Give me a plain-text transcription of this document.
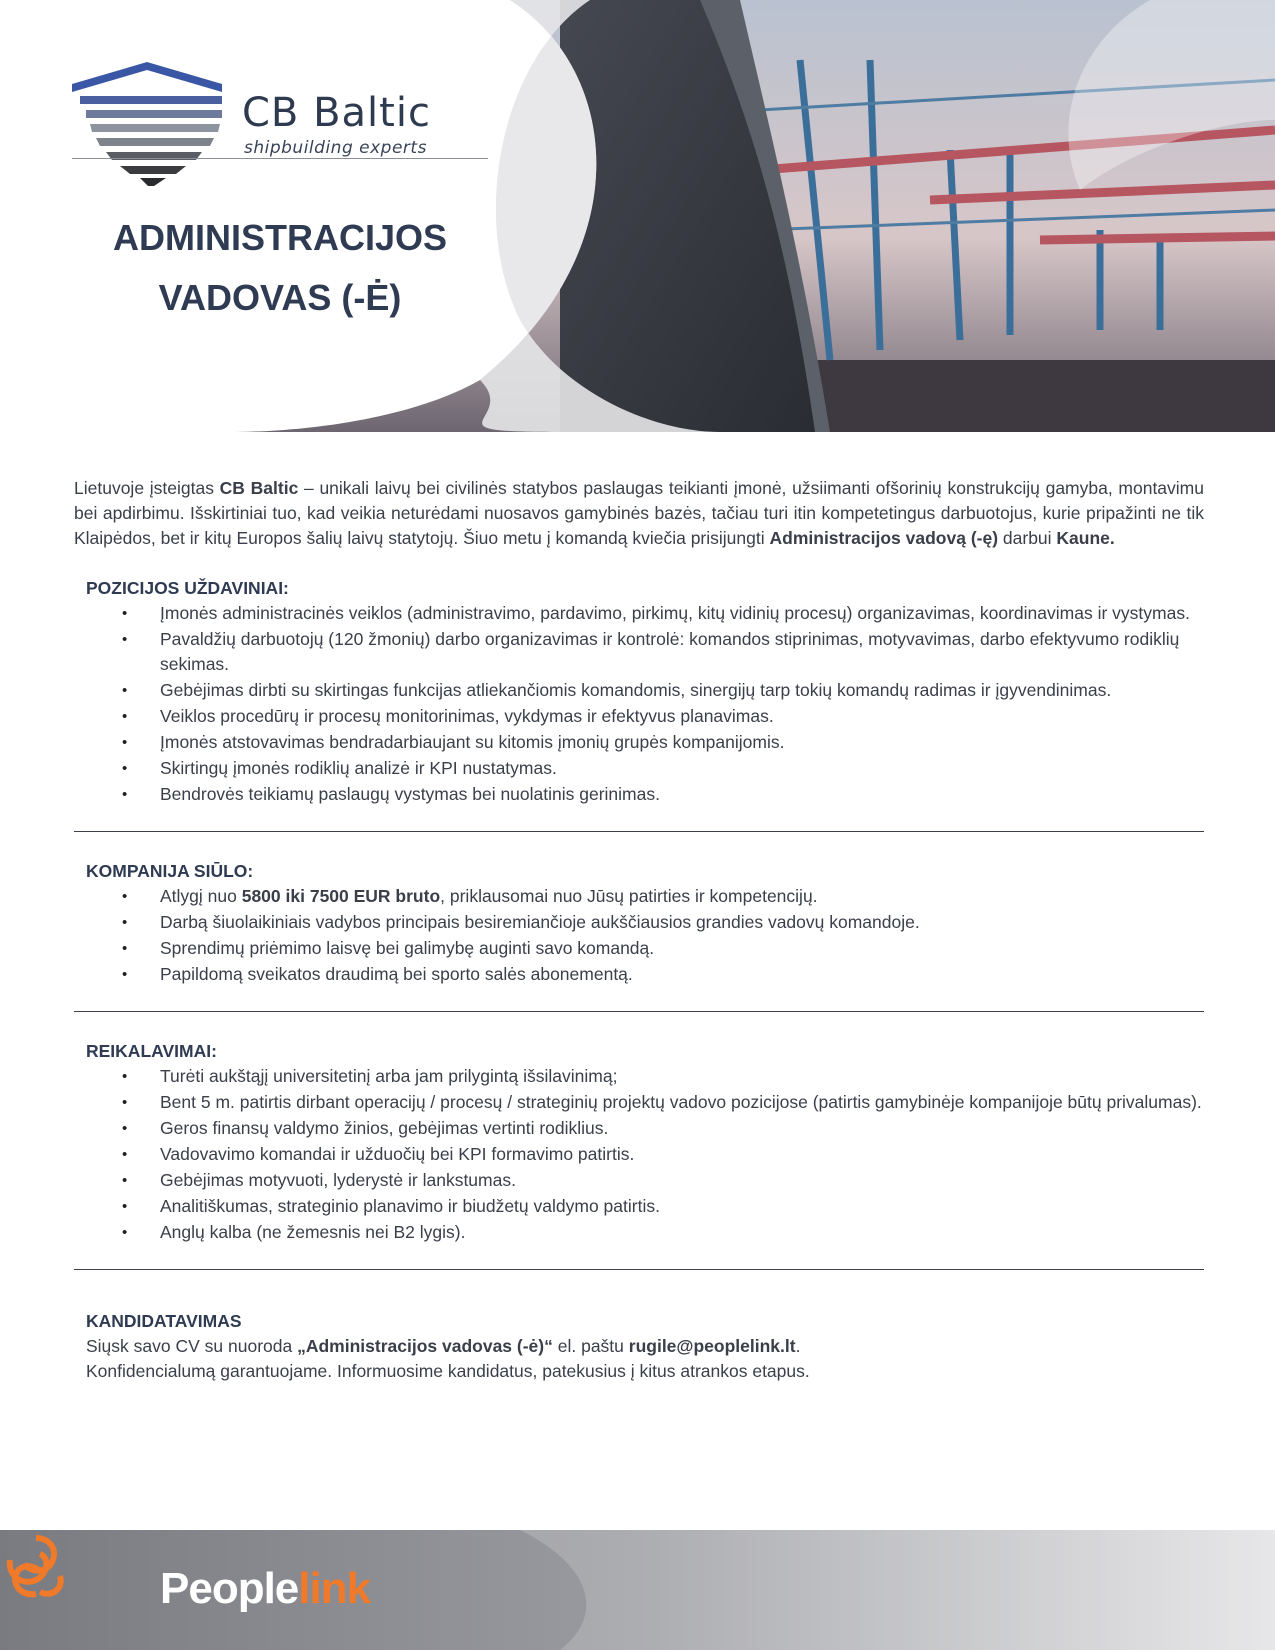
CB Baltic
shipbuilding experts
ADMINISTRACIJOS
VADOVAS (-Ė)

Lietuvoje įsteigtas CB Baltic – unikali laivų bei civilinės statybos paslaugas teikianti įmonė, užsiimanti ofšorinių konstrukcijų gamyba, montavimu bei apdirbimu. Išskirtiniai tuo, kad veikia neturėdami nuosavos gamybinės bazės, tačiau turi itin kompetetingus darbuotojus, kurie pripažinti ne tik Klaipėdos, bet ir kitų Europos šalių laivų statytojų. Šiuo metu į komandą kviečia prisijungti Administracijos vadovą (-ę) darbui Kaune.

POZICIJOS UŽDAVINIAI:
• Įmonės administracinės veiklos (administravimo, pardavimo, pirkimų, kitų vidinių procesų) organizavimas, koordinavimas ir vystymas.
• Pavaldžių darbuotojų (120 žmonių) darbo organizavimas ir kontrolė: komandos stiprinimas, motyvavimas, darbo efektyvumo rodiklių sekimas.
• Gebėjimas dirbti su skirtingas funkcijas atliekančiomis komandomis, sinergijų tarp tokių komandų radimas ir įgyvendinimas.
• Veiklos procedūrų ir procesų monitorinimas, vykdymas ir efektyvus planavimas.
• Įmonės atstovavimas bendradarbiaujant su kitomis įmonių grupės kompanijomis.
• Skirtingų įmonės rodiklių analizė ir KPI nustatymas.
• Bendrovės teikiamų paslaugų vystymas bei nuolatinis gerinimas.
KOMPANIJA SIŪLO:
• Atlygį nuo 5800 iki 7500 EUR bruto, priklausomai nuo Jūsų patirties ir kompetencijų.
• Darbą šiuolaikiniais vadybos principais besiremiančioje aukščiausios grandies vadovų komandoje.
• Sprendimų priėmimo laisvę bei galimybę auginti savo komandą.
• Papildomą sveikatos draudimą bei sporto salės abonementą.
REIKALAVIMAI:
• Turėti aukštąjį universitetinį arba jam prilygintą išsilavinimą;
• Bent 5 m. patirtis dirbant operacijų / procesų / strateginių projektų vadovo pozicijose (patirtis gamybinėje kompanijoje būtų privalumas).
• Geros finansų valdymo žinios, gebėjimas vertinti rodiklius.
• Vadovavimo komandai ir užduočių bei KPI formavimo patirtis.
• Gebėjimas motyvuoti, lyderystė ir lankstumas.
• Analitiškumas, strateginio planavimo ir biudžetų valdymo patirtis.
• Anglų kalba (ne žemesnis nei B2 lygis).
KANDIDATAVIMAS
Siųsk savo CV su nuoroda „Administracijos vadovas (-ė)“ el. paštu rugile@peoplelink.lt.
Konfidencialumą garantuojame. Informuosime kandidatus, patekusius į kitus atrankos etapus.
Peoplelink
